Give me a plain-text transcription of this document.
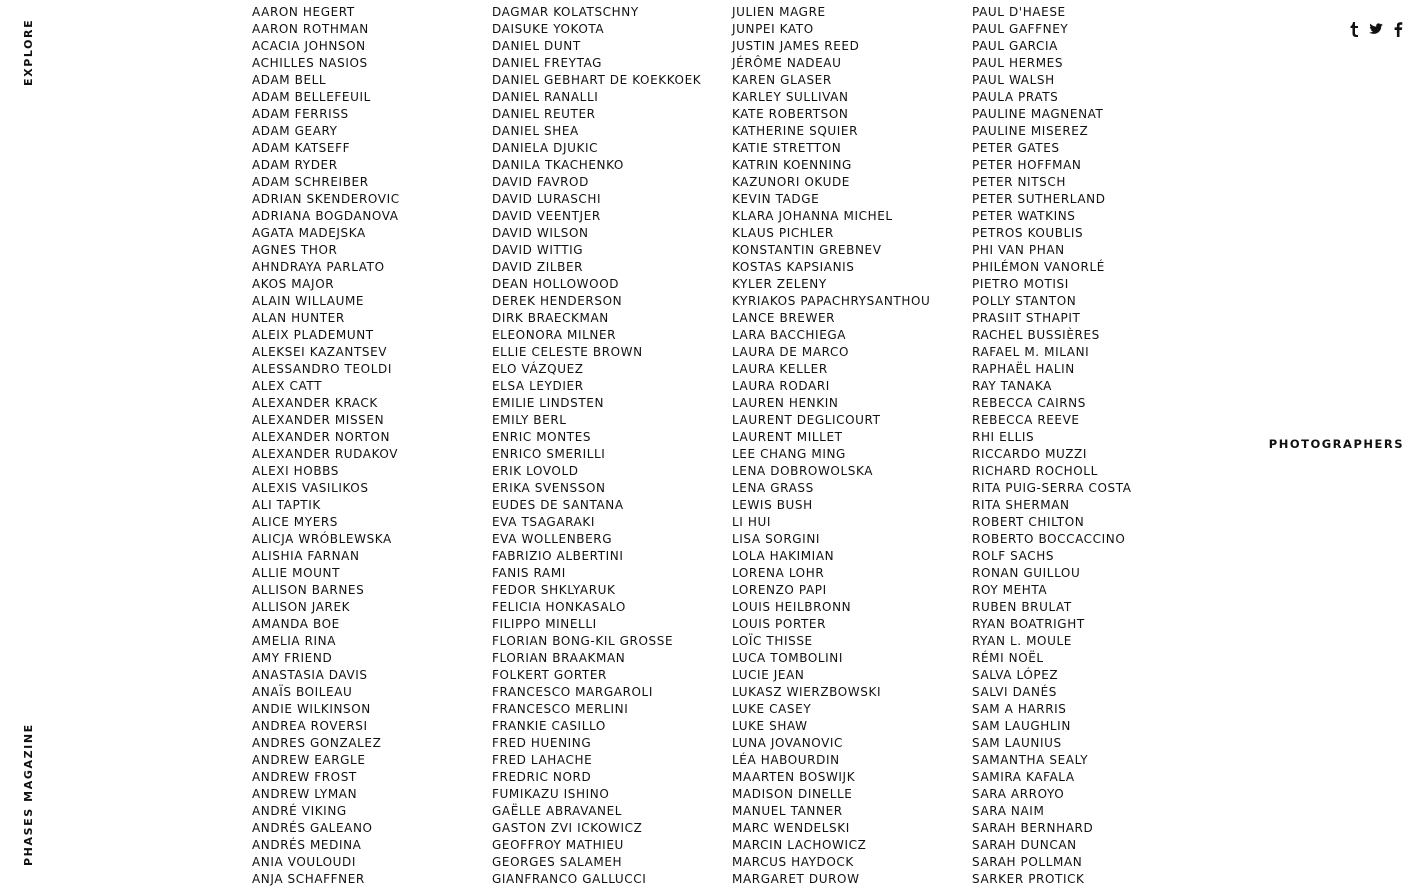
EXPLORE
PHASES MAGAZINE
PHOTOGRAPHERS
AARON HEGERT
AARON ROTHMAN
ACACIA JOHNSON
ACHILLES NASIOS
ADAM BELL
ADAM BELLEFEUIL
ADAM FERRISS
ADAM GEARY
ADAM KATSEFF
ADAM RYDER
ADAM SCHREIBER
ADRIAN SKENDEROVIC
ADRIANA BOGDANOVA
AGATA MADEJSKA
AGNES THOR
AHNDRAYA PARLATO
AKOS MAJOR
ALAIN WILLAUME
ALAN HUNTER
ALEIX PLADEMUNT
ALEKSEI KAZANTSEV
ALESSANDRO TEOLDI
ALEX CATT
ALEXANDER KRACK
ALEXANDER MISSEN
ALEXANDER NORTON
ALEXANDER RUDAKOV
ALEXI HOBBS
ALEXIS VASILIKOS
ALI TAPTIK
ALICE MYERS
ALICJA WRÓBLEWSKA
ALISHIA FARNAN
ALLIE MOUNT
ALLISON BARNES
ALLISON JAREK
AMANDA BOE
AMELIA RINA
AMY FRIEND
ANASTASIA DAVIS
ANAÏS BOILEAU
ANDIE WILKINSON
ANDREA ROVERSI
ANDRES GONZALEZ
ANDREW EARGLE
ANDREW FROST
ANDREW LYMAN
ANDRÉ VIKING
ANDRÉS GALEANO
ANDRÉS MEDINA
ANIA VOULOUDI
ANJA SCHAFFNER
DAGMAR KOLATSCHNY
DAISUKE YOKOTA
DANIEL DUNT
DANIEL FREYTAG
DANIEL GEBHART DE KOEKKOEK
DANIEL RANALLI
DANIEL REUTER
DANIEL SHEA
DANIELA DJUKIC
DANILA TKACHENKO
DAVID FAVROD
DAVID LURASCHI
DAVID VEENTJER
DAVID WILSON
DAVID WITTIG
DAVID ZILBER
DEAN HOLLOWOOD
DEREK HENDERSON
DIRK BRAECKMAN
ELEONORA MILNER
ELLIE CELESTE BROWN
ELO VÁZQUEZ
ELSA LEYDIER
EMILIE LINDSTEN
EMILY BERL
ENRIC MONTES
ENRICO SMERILLI
ERIK LOVOLD
ERIKA SVENSSON
EUDES DE SANTANA
EVA TSAGARAKI
EVA WOLLENBERG
FABRIZIO ALBERTINI
FANIS RAMI
FEDOR SHKLYARUK
FELICIA HONKASALO
FILIPPO MINELLI
FLORIAN BONG-KIL GROSSE
FLORIAN BRAAKMAN
FOLKERT GORTER
FRANCESCO MARGAROLI
FRANCESCO MERLINI
FRANKIE CASILLO
FRED HUENING
FRED LAHACHE
FREDRIC NORD
FUMIKAZU ISHINO
GAËLLE ABRAVANEL
GASTON ZVI ICKOWICZ
GEOFFROY MATHIEU
GEORGES SALAMEH
GIANFRANCO GALLUCCI
JULIEN MAGRE
JUNPEI KATO
JUSTIN JAMES REED
JÉRÔME NADEAU
KAREN GLASER
KARLEY SULLIVAN
KATE ROBERTSON
KATHERINE SQUIER
KATIE STRETTON
KATRIN KOENNING
KAZUNORI OKUDE
KEVIN TADGE
KLARA JOHANNA MICHEL
KLAUS PICHLER
KONSTANTIN GREBNEV
KOSTAS KAPSIANIS
KYLER ZELENY
KYRIAKOS PAPACHRYSANTHOU
LANCE BREWER
LARA BACCHIEGA
LAURA DE MARCO
LAURA KELLER
LAURA RODARI
LAUREN HENKIN
LAURENT DEGLICOURT
LAURENT MILLET
LEE CHANG MING
LENA DOBROWOLSKA
LENA GRASS
LEWIS BUSH
LI HUI
LISA SORGINI
LOLA HAKIMIAN
LORENA LOHR
LORENZO PAPI
LOUIS HEILBRONN
LOUIS PORTER
LOÏC THISSE
LUCA TOMBOLINI
LUCIE JEAN
LUKASZ WIERZBOWSKI
LUKE CASEY
LUKE SHAW
LUNA JOVANOVIC
LÉA HABOURDIN
MAARTEN BOSWIJK
MADISON DINELLE
MANUEL TANNER
MARC WENDELSKI
MARCIN LACHOWICZ
MARCUS HAYDOCK
MARGARET DUROW
PAUL D'HAESE
PAUL GAFFNEY
PAUL GARCIA
PAUL HERMES
PAUL WALSH
PAULA PRATS
PAULINE MAGNENAT
PAULINE MISEREZ
PETER GATES
PETER HOFFMAN
PETER NITSCH
PETER SUTHERLAND
PETER WATKINS
PETROS KOUBLIS
PHI VAN PHAN
PHILÉMON VANORLÉ
PIETRO MOTISI
POLLY STANTON
PRASIIT STHAPIT
RACHEL BUSSIÈRES
RAFAEL M. MILANI
RAPHAËL HALIN
RAY TANAKA
REBECCA CAIRNS
REBECCA REEVE
RHI ELLIS
RICCARDO MUZZI
RICHARD ROCHOLL
RITA PUIG-SERRA COSTA
RITA SHERMAN
ROBERT CHILTON
ROBERTO BOCCACCINO
ROLF SACHS
RONAN GUILLOU
ROY MEHTA
RUBEN BRULAT
RYAN BOATRIGHT
RYAN L. MOULE
RÉMI NOËL
SALVA LÓPEZ
SALVI DANÉS
SAM A HARRIS
SAM LAUGHLIN
SAM LAUNIUS
SAMANTHA SEALY
SAMIRA KAFALA
SARA ARROYO
SARA NAIM
SARAH BERNHARD
SARAH DUNCAN
SARAH POLLMAN
SARKER PROTICK
